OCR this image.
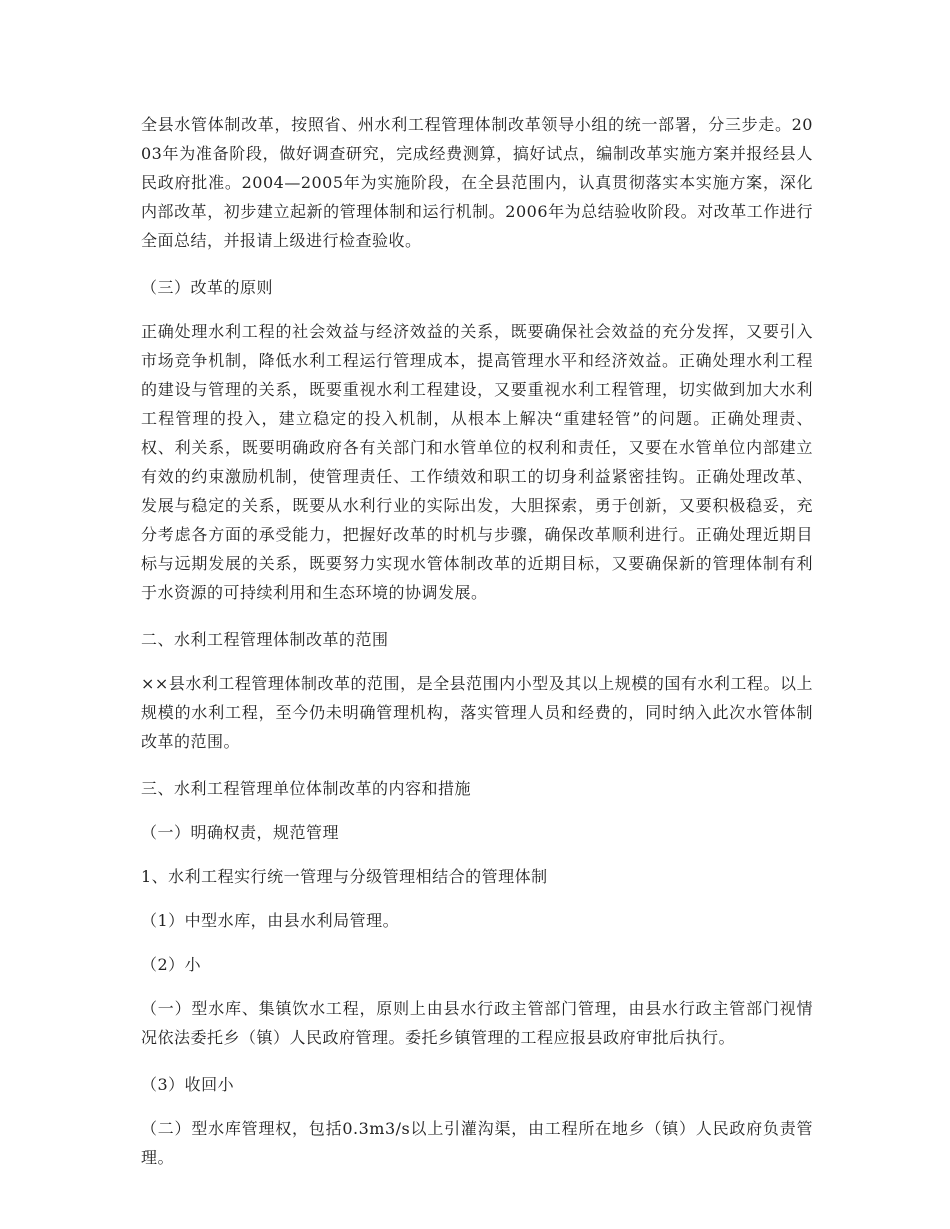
全县水管体制改革，按照省、州水利工程管理体制改革领导小组的统一部署，分三步走。2003年为准备阶段，做好调查研究，完成经费测算，搞好试点，编制改革实施方案并报经县人民政府批准。2004—2005年为实施阶段，在全县范围内，认真贯彻落实本实施方案，深化内部改革，初步建立起新的管理体制和运行机制。2006年为总结验收阶段。对改革工作进行全面总结，并报请上级进行检查验收。

（三）改革的原则

正确处理水利工程的社会效益与经济效益的关系，既要确保社会效益的充分发挥，又要引入市场竞争机制，降低水利工程运行管理成本，提高管理水平和经济效益。正确处理水利工程的建设与管理的关系，既要重视水利工程建设，又要重视水利工程管理，切实做到加大水利工程管理的投入，建立稳定的投入机制，从根本上解决“重建轻管”的问题。正确处理责、权、利关系，既要明确政府各有关部门和水管单位的权利和责任，又要在水管单位内部建立有效的约束激励机制，使管理责任、工作绩效和职工的切身利益紧密挂钩。正确处理改革、发展与稳定的关系，既要从水利行业的实际出发，大胆探索，勇于创新，又要积极稳妥，充分考虑各方面的承受能力，把握好改革的时机与步骤，确保改革顺利进行。正确处理近期目标与远期发展的关系，既要努力实现水管体制改革的近期目标，又要确保新的管理体制有利于水资源的可持续利用和生态环境的协调发展。

二、水利工程管理体制改革的范围

××县水利工程管理体制改革的范围，是全县范围内小型及其以上规模的国有水利工程。以上规模的水利工程，至今仍未明确管理机构，落实管理人员和经费的，同时纳入此次水管体制改革的范围。

三、水利工程管理单位体制改革的内容和措施

（一）明确权责，规范管理

1、水利工程实行统一管理与分级管理相结合的管理体制

（1）中型水库，由县水利局管理。

（2）小

（一）型水库、集镇饮水工程，原则上由县水行政主管部门管理，由县水行政主管部门视情况依法委托乡（镇）人民政府管理。委托乡镇管理的工程应报县政府审批后执行。

（3）收回小

（二）型水库管理权，包括0.3m3/s以上引灌沟渠，由工程所在地乡（镇）人民政府负责管理。
